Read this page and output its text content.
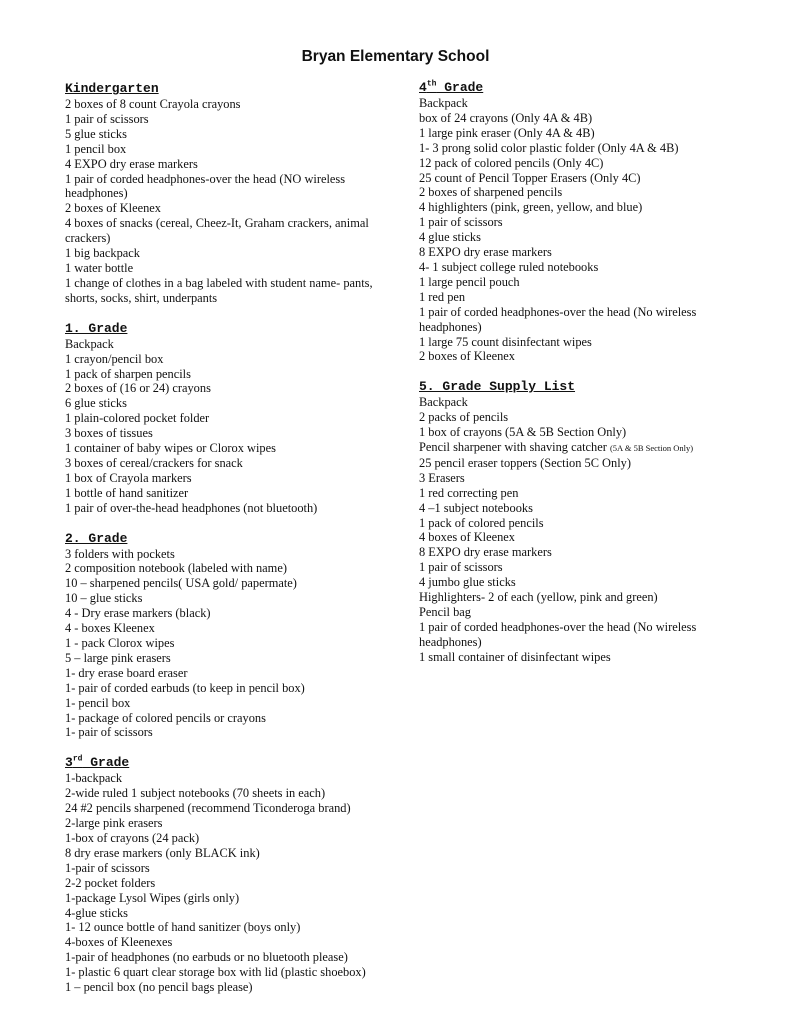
Bryan Elementary School
Kindergarten
2 boxes of 8 count Crayola crayons
1 pair of scissors
5 glue sticks
1 pencil box
4 EXPO dry erase markers
1 pair of corded headphones-over the head (NO wireless headphones)
2 boxes of Kleenex
4 boxes of snacks (cereal, Cheez-It, Graham crackers, animal crackers)
1 big backpack
1 water bottle
1 change of clothes in a bag labeled with student name- pants, shorts, socks, shirt, underpants
1. Grade
Backpack
1 crayon/pencil box
1 pack of sharpen pencils
2 boxes of (16 or 24) crayons
6 glue sticks
1 plain-colored pocket folder
3 boxes of tissues
1 container of baby wipes or Clorox wipes
3 boxes of cereal/crackers for snack
1 box of Crayola markers
1 bottle of hand sanitizer
1 pair of over-the-head headphones (not bluetooth)
2. Grade
3 folders with pockets
2 composition notebook (labeled with name)
10 – sharpened pencils( USA gold/ papermate)
10 – glue sticks
4 - Dry erase markers (black)
4 - boxes Kleenex
1 - pack Clorox wipes
5 – large pink erasers
1- dry erase board eraser
1- pair of corded earbuds (to keep in pencil box)
1- pencil box
1- package of colored pencils or crayons
1- pair of scissors
3rd Grade
1-backpack
2-wide ruled 1 subject notebooks (70 sheets in each)
24 #2 pencils sharpened (recommend Ticonderoga brand)
2-large pink erasers
1-box of crayons (24 pack)
8 dry erase markers (only BLACK ink)
1-pair of scissors
2-2 pocket folders
1-package Lysol Wipes (girls only)
4-glue sticks
1- 12 ounce bottle of hand sanitizer (boys only)
4-boxes of Kleenexes
1-pair of headphones (no earbuds or no bluetooth please)
1- plastic 6 quart clear storage box with lid (plastic shoebox)
1 – pencil box (no pencil bags please)
4th Grade
Backpack
box of 24 crayons (Only 4A & 4B)
1 large pink eraser (Only 4A & 4B)
1- 3 prong solid color plastic folder (Only 4A & 4B)
12 pack of colored pencils (Only 4C)
25 count of Pencil Topper Erasers (Only 4C)
2 boxes of sharpened pencils
4 highlighters (pink, green, yellow, and blue)
1 pair of scissors
4 glue sticks
8 EXPO dry erase markers
4- 1 subject college ruled notebooks
1 large pencil pouch
1 red pen
1 pair of corded headphones-over the head (No wireless headphones)
1 large 75 count disinfectant wipes
2 boxes of Kleenex
5. Grade Supply List
Backpack
2 packs of pencils
1 box of crayons (5A & 5B Section Only)
Pencil sharpener with shaving catcher (5A & 5B Section Only)
25 pencil eraser toppers (Section 5C Only)
3 Erasers
1 red correcting pen
4 –1 subject notebooks
1 pack of colored pencils
4 boxes of Kleenex
8 EXPO dry erase markers
1 pair of scissors
4 jumbo glue sticks
Highlighters- 2 of each (yellow, pink and green)
Pencil bag
1 pair of corded headphones-over the head (No wireless headphones)
1 small container of disinfectant wipes
